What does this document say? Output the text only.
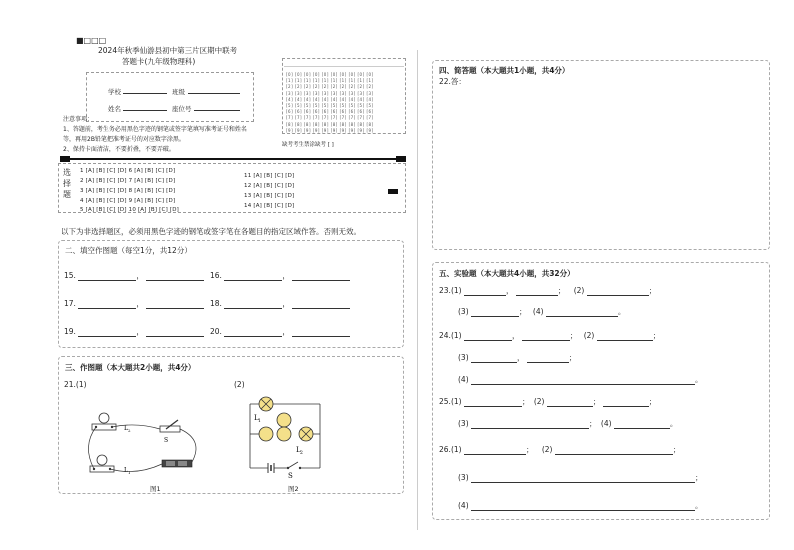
■□□□
2024年秋季仙游县初中第三片区期中联考
答题卡(九年级物理科)
学校	班级
姓名	座位号
注意事项：
1、答题前，考生务必用黑色字迹的钢笔或签字笔填写准考证号和姓名
等，再用2B铅笔把准考证号的对应数字涂黑。
2、保持卡面清洁，不要折叠，不要弄破。
[0] [0] [0] [0] [0] [0] [0] [0] [0] [0]
[1] [1] [1] [1] [1] [1] [1] [1] [1] [1]
[2] [2] [2] [2] [2] [2] [2] [2] [2] [2]
[3] [3] [3] [3] [3] [3] [3] [3] [3] [3]
[4] [4] [4] [4] [4] [4] [4] [4] [4] [4]
[5] [5] [5] [5] [5] [5] [5] [5] [5] [5]
[6] [6] [6] [6] [6] [6] [6] [6] [6] [6]
[7] [7] [7] [7] [7] [7] [7] [7] [7] [7]
[8] [8] [8] [8] [8] [8] [8] [8] [8] [8]
[9] [9] [9] [9] [9] [9] [9] [9] [9] [9]
缺考考生禁涂缺考 [ ]
选
择
题
1 [A] [B] [C] [D] 6 [A] [B] [C] [D]
2 [A] [B] [C] [D] 7 [A] [B] [C] [D]
3 [A] [B] [C] [D] 8 [A] [B] [C] [D]
4 [A] [B] [C] [D] 9 [A] [B] [C] [D]
5 [A] [B] [C] [D] 10 [A] [B] [C] [D]
11 [A] [B] [C] [D]
12 [A] [B] [C] [D]
13 [A] [B] [C] [D]
14 [A] [B] [C] [D]
以下为非选择题区，必须用黑色字迹的钢笔或签字笔在各题目的指定区域作答。否则无效。
二、填空作图题（每空1分，共12分）
15.	，	16.	，
17.	，	18.	，
19.	，	20.	，
三、作图题（本大题共2小题，共4分）
21.(1)	(2)
L 2
L 1
S
图1
L 1
L 2
S
图2
四、简答题（本大题共1小题，共4分）
22.答：
五、实验题（本大题共4小题，共32分）
23.(1)	，	； (2)	；
(3)	； (4)	。
24.(1)	，	； (2)	；
(3)	，	；
(4)	。
25.(1)	； (2)	；	；
(3)	； (4)	。
26.(1)	； (2)	；
(3)	；
(4)	。
